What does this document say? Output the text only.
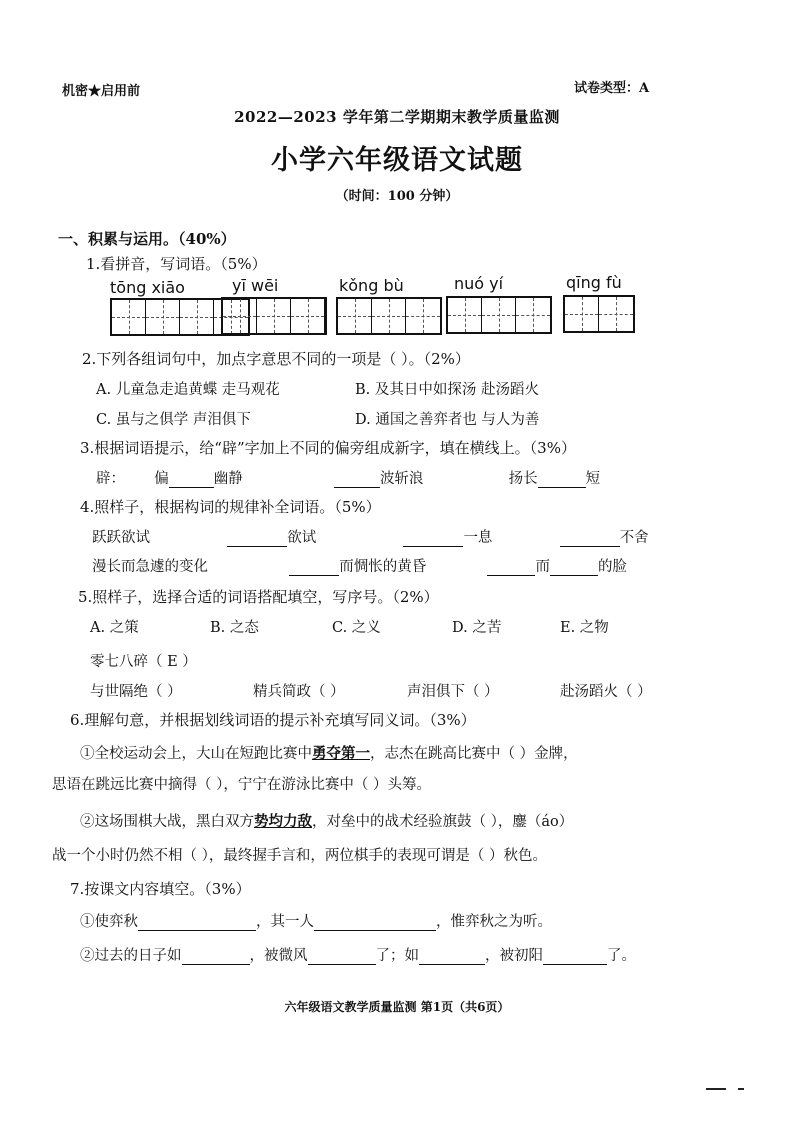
机密★启用前	试卷类型：A
2022—2023 学年第二学期期末教学质量监测
小学六年级语文试题
（时间：100 分钟）
一、积累与运用。（40%）
1.看拼音，写词语。（5%）
tōng xiāo	yī wēi	kǒng bù	nuó yí	qīng fù
2.下列各组词句中，加点字意思不同的一项是（ ）。（2%）
A. 儿童急走追黄蝶 走马观花	B. 及其日中如探汤 赴汤蹈火
C. 虽与之俱学 声泪俱下	D. 通国之善弈者也 与人为善
3.根据词语提示，给“辟”字加上不同的偏旁组成新字，填在横线上。（3%）
辟： 偏	幽静	波斩浪	扬长	短
4.照样子，根据构词的规律补全词语。（5%）
跃跃欲试	欲试	一息	不舍
漫长而急遽的变化	而惆怅的黄昏	而	的脸
5.照样子，选择合适的词语搭配填空，写序号。（2%）
A. 之策	B. 之态	C. 之义	D. 之苦	E. 之物
零七八碎（ E ）
与世隔绝（ ）	精兵简政（ ）	声泪俱下（ ）	赴汤蹈火（ ）
6.理解句意，并根据划线词语的提示补充填写同义词。（3%）
①全校运动会上，大山在短跑比赛中勇夺第一，志杰在跳高比赛中（ ）金牌，
思语在跳远比赛中摘得（ ），宁宁在游泳比赛中（ ）头筹。
②这场围棋大战，黑白双方势均力敌，对垒中的战术经验旗鼓（ ），鏖（áo）
战一个小时仍然不相（ ），最终握手言和，两位棋手的表现可谓是（ ）秋色。
7.按课文内容填空。（3%）
①使弈秋	，其一人	，惟弈秋之为听。
②过去的日子如	，被微风	了；如	，被初阳	了。
六年级语文教学质量监测 第1页（共6页）
